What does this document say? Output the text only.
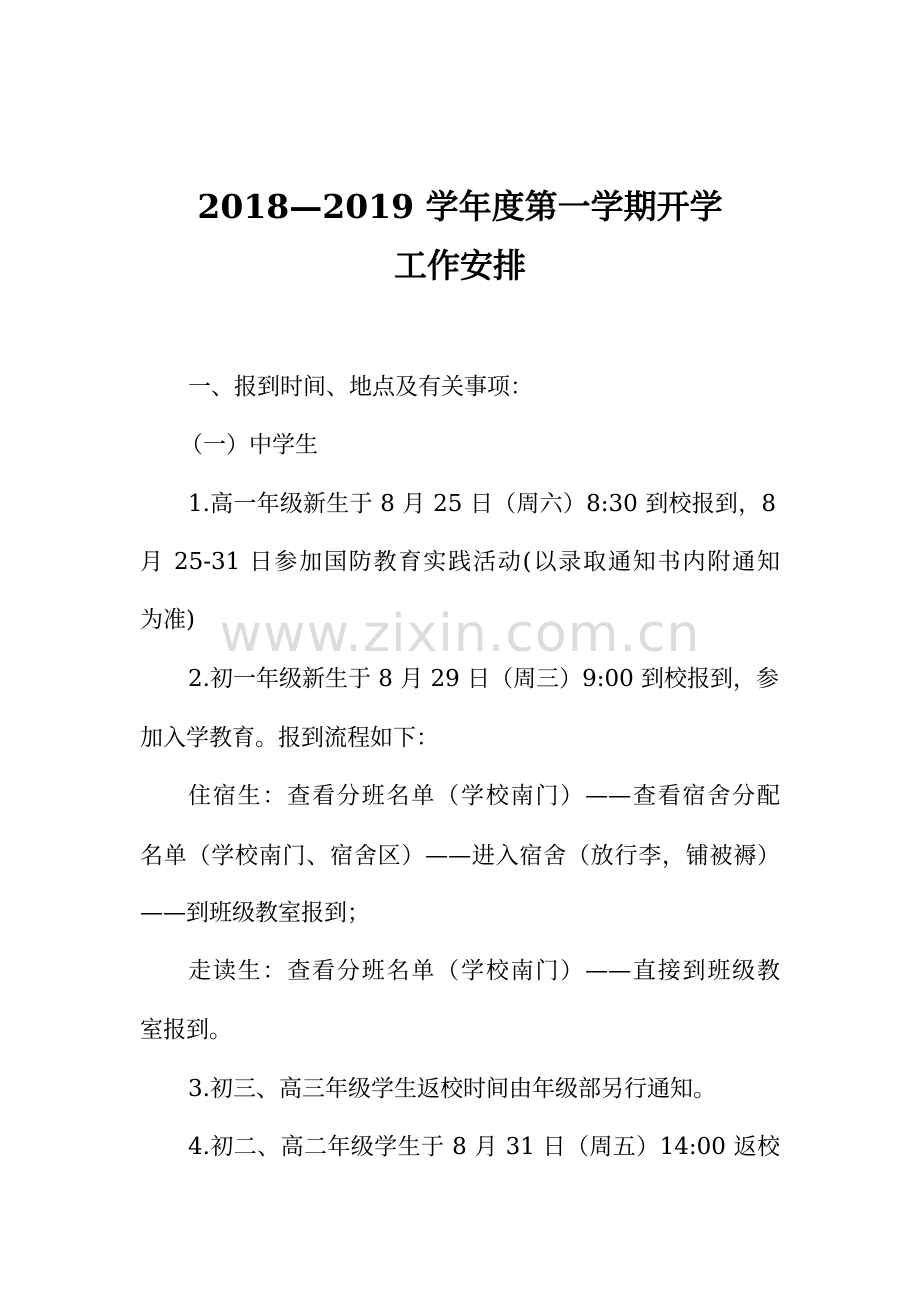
2018—2019 学年度第一学期开学
工作安排
一、报到时间、地点及有关事项：
（一）中学生
1.高一年级新生于 8 月 25 日（周六）8:30 到校报到，8
月 25-31 日参加国防教育实践活动(以录取通知书内附通知
为准)
2.初一年级新生于 8 月 29 日（周三）9:00 到校报到，参
加入学教育。报到流程如下：
住宿生：查看分班名单（学校南门）——查看宿舍分配
名单（学校南门、宿舍区）——进入宿舍（放行李，铺被褥）
——到班级教室报到；
走读生：查看分班名单（学校南门）——直接到班级教
室报到。
3.初三、高三年级学生返校时间由年级部另行通知。
4.初二、高二年级学生于 8 月 31 日（周五）14:00 返校
www.zixin.com.cn
